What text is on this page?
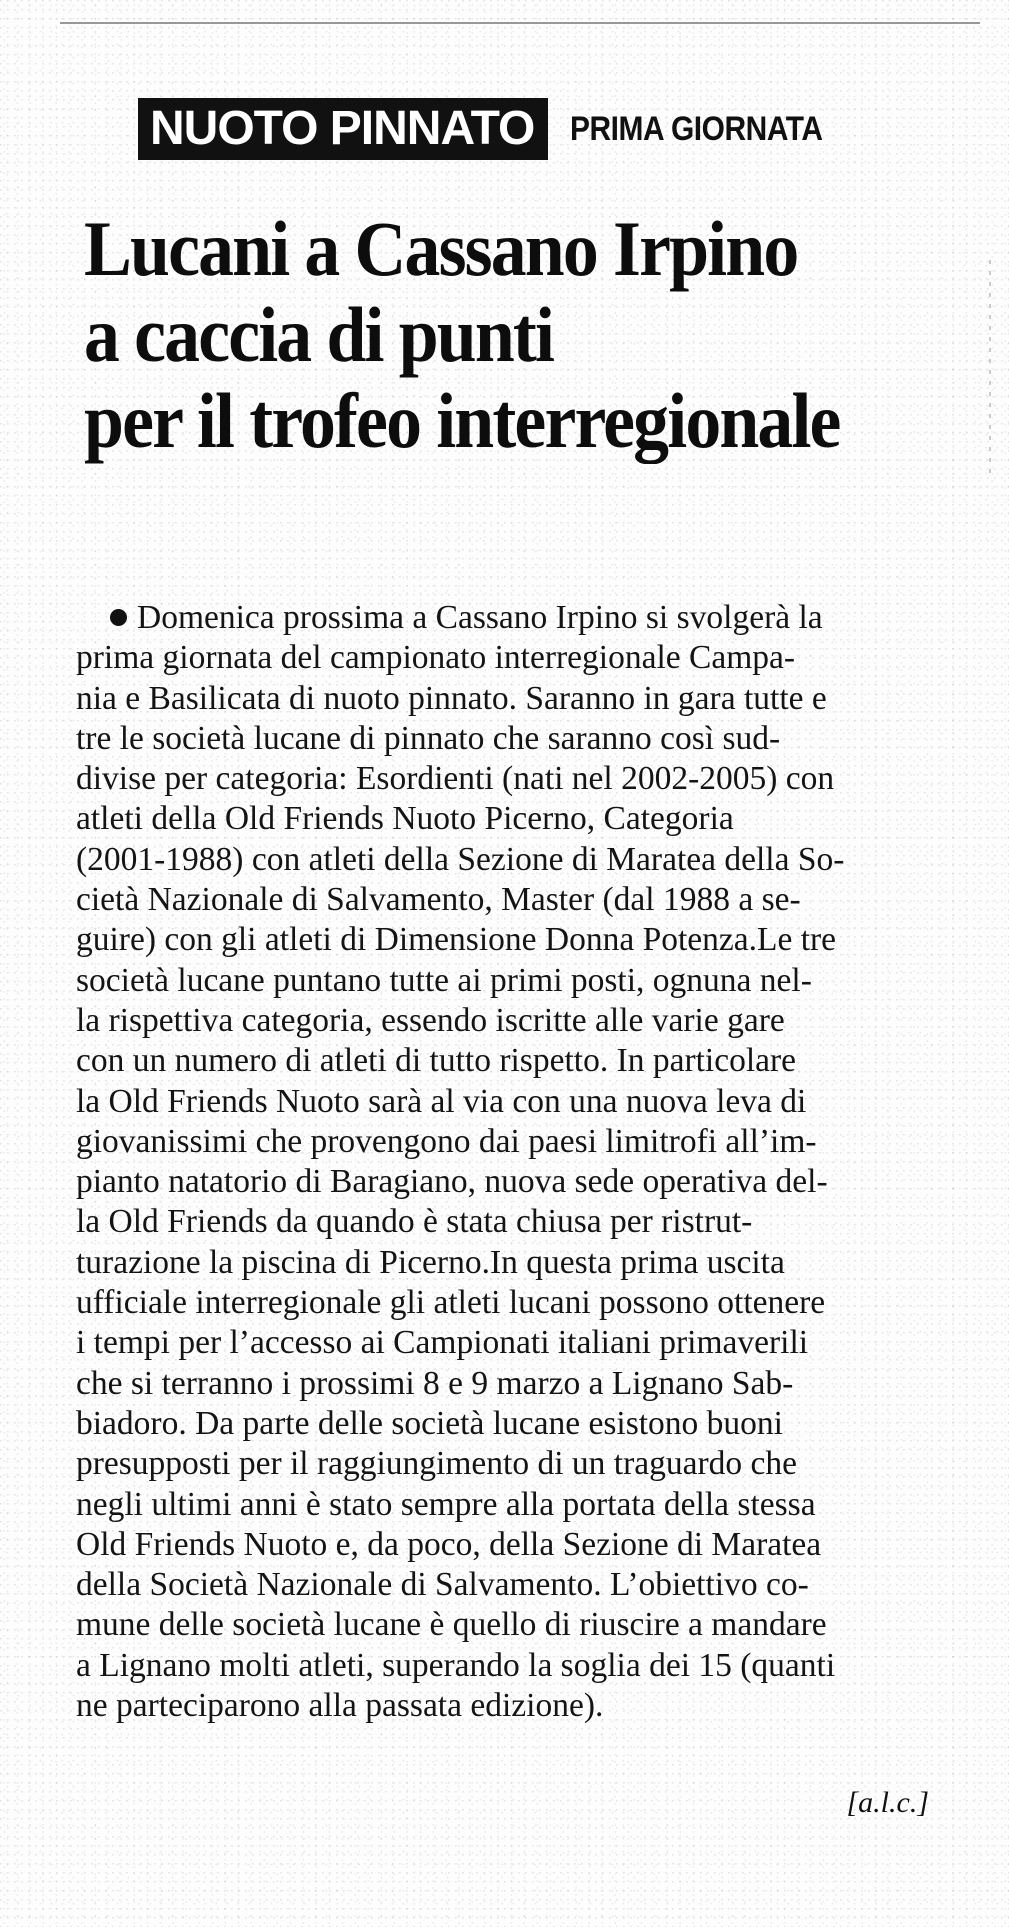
NUOTO PINNATO	PRIMA GIORNATA
Lucani a Cassano Irpino
a caccia di punti
per il trofeo interregionale
Domenica prossima a Cassano Irpino si svolgerà la
prima giornata del campionato interregionale Campa-
nia e Basilicata di nuoto pinnato. Saranno in gara tutte e
tre le società lucane di pinnato che saranno così sud-
divise per categoria: Esordienti (nati nel 2002-2005) con
atleti della Old Friends Nuoto Picerno, Categoria
(2001-1988) con atleti della Sezione di Maratea della So-
cietà Nazionale di Salvamento, Master (dal 1988 a se-
guire) con gli atleti di Dimensione Donna Potenza.Le tre
società lucane puntano tutte ai primi posti, ognuna nel-
la rispettiva categoria, essendo iscritte alle varie gare
con un numero di atleti di tutto rispetto. In particolare
la Old Friends Nuoto sarà al via con una nuova leva di
giovanissimi che provengono dai paesi limitrofi all’im-
pianto natatorio di Baragiano, nuova sede operativa del-
la Old Friends da quando è stata chiusa per ristrut-
turazione la piscina di Picerno.In questa prima uscita
ufficiale interregionale gli atleti lucani possono ottenere
i tempi per l’accesso ai Campionati italiani primaverili
che si terranno i prossimi 8 e 9 marzo a Lignano Sab-
biadoro. Da parte delle società lucane esistono buoni
presupposti per il raggiungimento di un traguardo che
negli ultimi anni è stato sempre alla portata della stessa
Old Friends Nuoto e, da poco, della Sezione di Maratea
della Società Nazionale di Salvamento. L’obiettivo co-
mune delle società lucane è quello di riuscire a mandare
a Lignano molti atleti, superando la soglia dei 15 (quanti
ne parteciparono alla passata edizione).
[a.l.c.]
